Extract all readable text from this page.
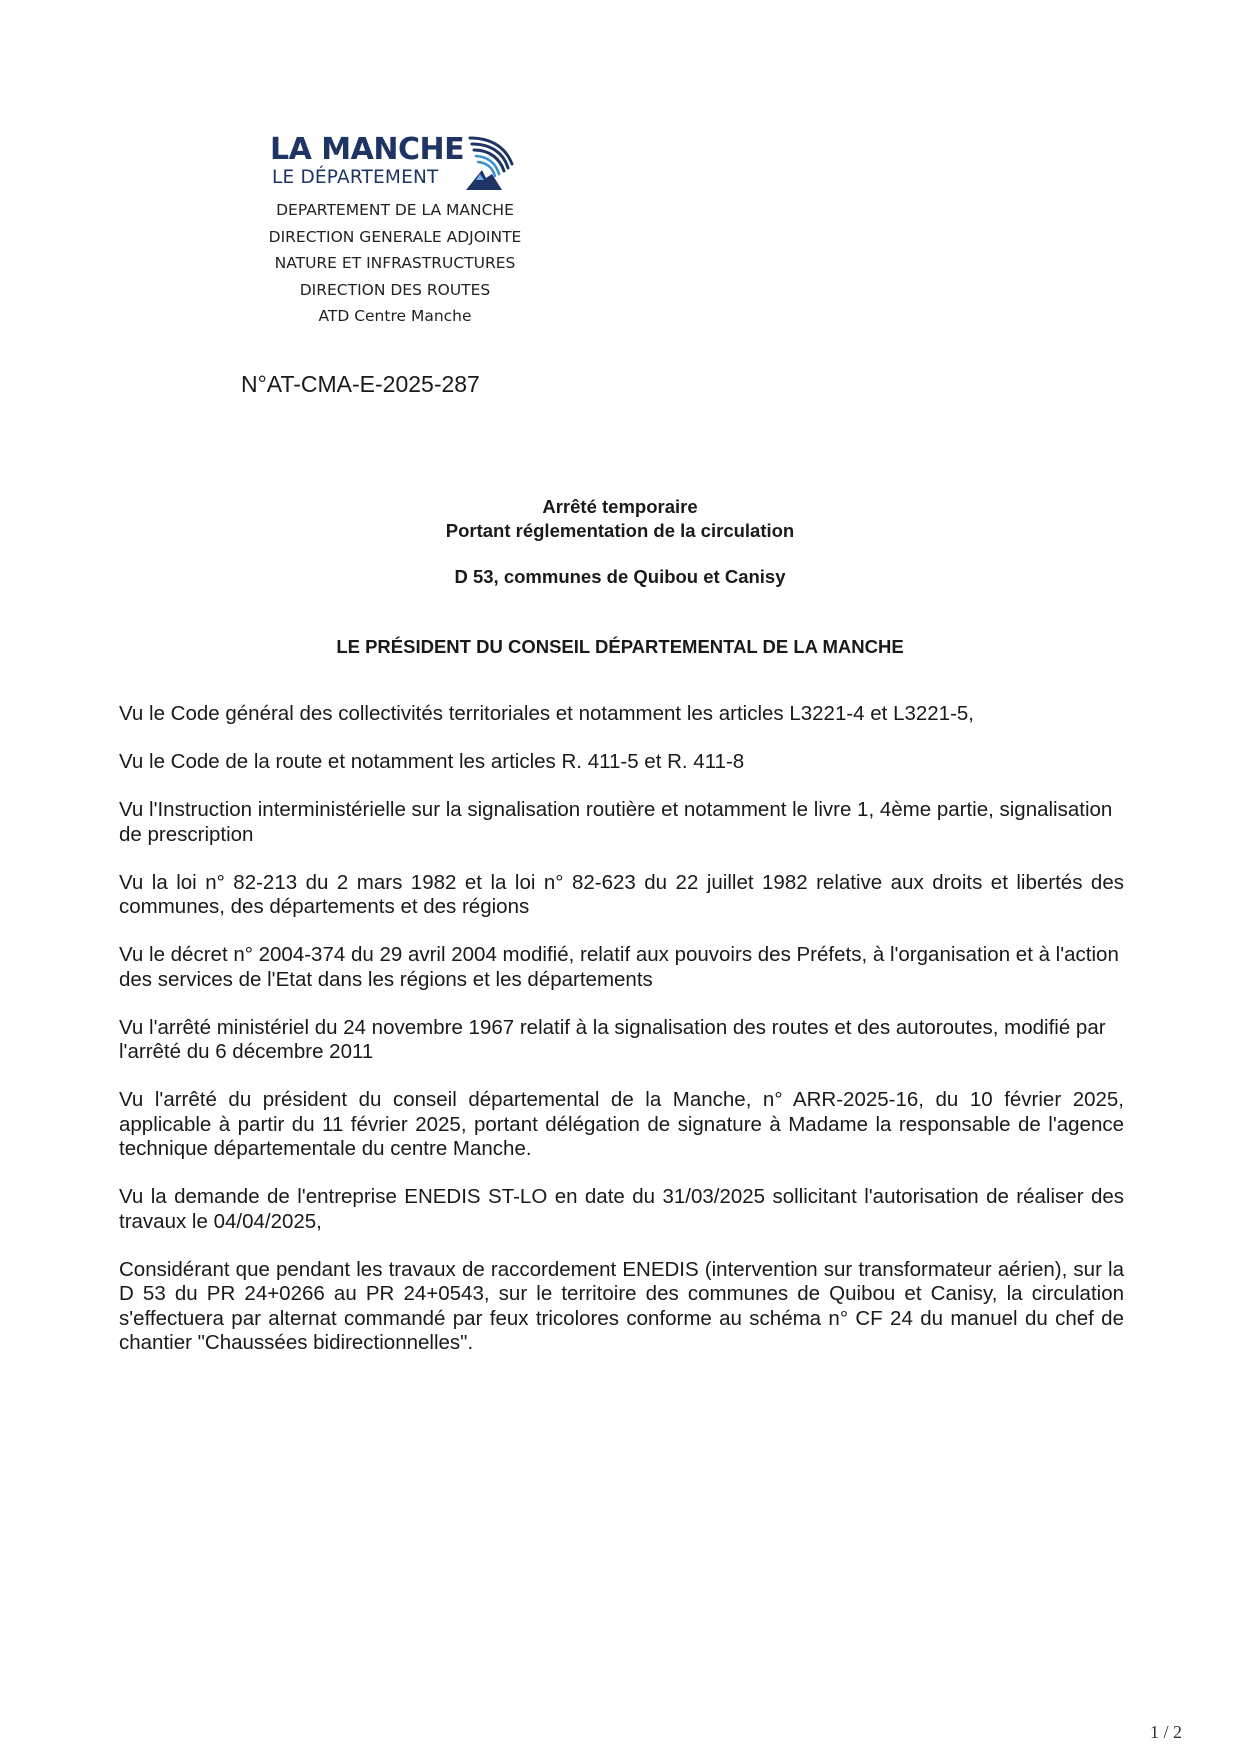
LA MANCHE
LE DÉPARTEMENT
DEPARTEMENT DE LA MANCHE
DIRECTION GENERALE ADJOINTE
NATURE ET INFRASTRUCTURES
DIRECTION DES ROUTES
ATD Centre Manche
N°AT-CMA-E-2025-287
Arrêté temporaire
Portant réglementation de la circulation
D 53, communes de Quibou et Canisy
LE PRÉSIDENT DU CONSEIL DÉPARTEMENTAL DE LA MANCHE

Vu le Code général des collectivités territoriales et notamment les articles L3221-4 et L3221-5,

Vu le Code de la route et notamment les articles R. 411-5 et R. 411-8

Vu l'Instruction interministérielle sur la signalisation routière et notamment le livre 1, 4ème partie, signalisation de prescription

Vu la loi n° 82-213 du 2 mars 1982 et la loi n° 82-623 du 22 juillet 1982 relative aux droits et libertés des communes, des départements et des régions

Vu le décret n° 2004-374 du 29 avril 2004 modifié, relatif aux pouvoirs des Préfets, à l'organisation et à l'action des services de l'Etat dans les régions et les départements

Vu l'arrêté ministériel du 24 novembre 1967 relatif à la signalisation des routes et des autoroutes, modifié par l'arrêté du 6 décembre 2011

Vu l'arrêté du président du conseil départemental de la Manche, n° ARR-2025-16, du 10 février 2025, applicable à partir du 11 février 2025, portant délégation de signature à Madame la responsable de l'agence technique départementale du centre Manche.

Vu la demande de l'entreprise ENEDIS ST-LO en date du 31/03/2025 sollicitant l'autorisation de réaliser des travaux le 04/04/2025,

Considérant que pendant les travaux de raccordement ENEDIS (intervention sur transformateur aérien), sur la D 53 du PR 24+0266 au PR 24+0543, sur le territoire des communes de Quibou et Canisy, la circulation s'effectuera par alternat commandé par feux tricolores conforme au schéma n° CF 24 du manuel du chef de chantier "Chaussées bidirectionnelles".

1 / 2
